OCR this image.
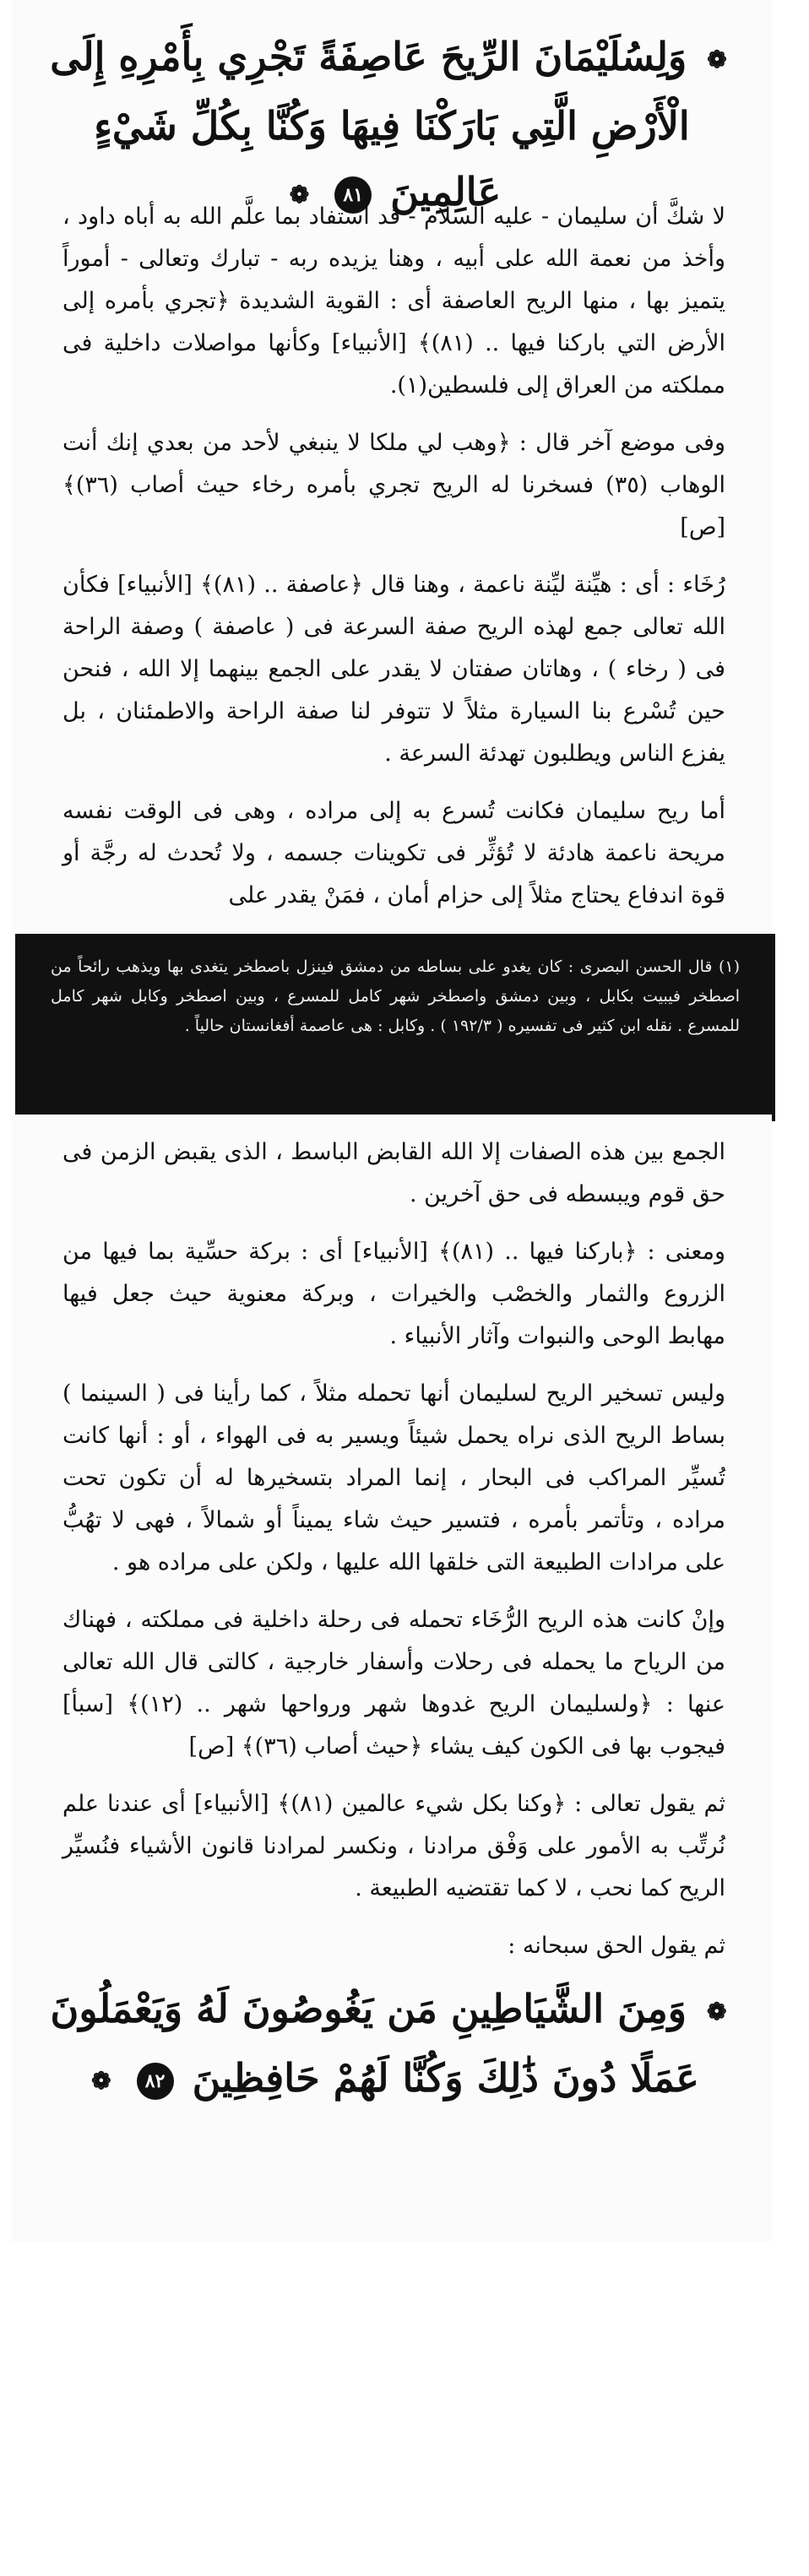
❁ وَلِسُلَيْمَانَ الرِّيحَ عَاصِفَةً تَجْرِي بِأَمْرِهِ إِلَى الْأَرْضِ الَّتِي بَارَكْنَا فِيهَا وَكُنَّا بِكُلِّ شَيْءٍ عَالِمِينَ ٨١ ❁

لا شكَّ أن سليمان - عليه السلام - قد استفاد بما علَّم الله به أباه داود ، وأخذ من نعمة الله على أبيه ، وهنا يزيده ربه - تبارك وتعالى - أموراً يتميز بها ، منها الريح العاصفة أى : القوية الشديدة ﴿تجري بأمره إلى الأرض التي باركنا فيها .. (٨١)﴾ [الأنبياء] وكأنها مواصلات داخلية فى مملكته من العراق إلى فلسطين(١).

وفى موضع آخر قال : ﴿وهب لي ملكا لا ينبغي لأحد من بعدي إنك أنت الوهاب (٣٥) فسخرنا له الريح تجري بأمره رخاء حيث أصاب (٣٦)﴾ [ص]

رُخَاء : أى : هيِّنة ليِّنة ناعمة ، وهنا قال ﴿عاصفة .. (٨١)﴾ [الأنبياء] فكأن الله تعالى جمع لهذه الريح صفة السرعة فى ( عاصفة ) وصفة الراحة فى ( رخاء ) ، وهاتان صفتان لا يقدر على الجمع بينهما إلا الله ، فنحن حين تُسْرع بنا السيارة مثلاً لا تتوفر لنا صفة الراحة والاطمئنان ، بل يفزع الناس ويطلبون تهدئة السرعة .

أما ريح سليمان فكانت تُسرع به إلى مراده ، وهى فى الوقت نفسه مريحة ناعمة هادئة لا تُؤثِّر فى تكوينات جسمه ، ولا تُحدث له رجَّة أو قوة اندفاع يحتاج مثلاً إلى حزام أمان ، فمَنْ يقدر على

(١) قال الحسن البصرى : كان يغدو على بساطه من دمشق فينزل باصطخر يتغدى بها ويذهب رائحاً من اصطخر فيبيت بكابل ، وبين دمشق واصطخر شهر كامل للمسرع ، وبين اصطخر وكابل شهر كامل للمسرع . نقله ابن كثير فى تفسيره ( ١٩٢/٣ ) . وكابل : هى عاصمة أفغانستان حالياً .

الجمع بين هذه الصفات إلا الله القابض الباسط ، الذى يقبض الزمن فى حق قوم ويبسطه فى حق آخرين .

ومعنى : ﴿باركنا فيها .. (٨١)﴾ [الأنبياء] أى : بركة حسِّية بما فيها من الزروع والثمار والخصْب والخيرات ، وبركة معنوية حيث جعل فيها مهابط الوحى والنبوات وآثار الأنبياء .

وليس تسخير الريح لسليمان أنها تحمله مثلاً ، كما رأينا فى ( السينما ) بساط الريح الذى نراه يحمل شيئاً ويسير به فى الهواء ، أو : أنها كانت تُسيِّر المراكب فى البحار ، إنما المراد بتسخيرها له أن تكون تحت مراده ، وتأتمر بأمره ، فتسير حيث شاء يميناً أو شمالاً ، فهى لا تهُبُّ على مرادات الطبيعة التى خلقها الله عليها ، ولكن على مراده هو .

وإنْ كانت هذه الريح الرُّخَاء تحمله فى رحلة داخلية فى مملكته ، فهناك من الرياح ما يحمله فى رحلات وأسفار خارجية ، كالتى قال الله تعالى عنها : ﴿ولسليمان الريح غدوها شهر ورواحها شهر .. (١٢)﴾ [سبأ] فيجوب بها فى الكون كيف يشاء ﴿حيث أصاب (٣٦)﴾ [ص]

ثم يقول تعالى : ﴿وكنا بكل شيء عالمين (٨١)﴾ [الأنبياء] أى عندنا علم نُرتِّب به الأمور على وَفْق مرادنا ، ونكسر لمرادنا قانون الأشياء فنُسيِّر الريح كما نحب ، لا كما تقتضيه الطبيعة .

ثم يقول الحق سبحانه :

❁ وَمِنَ الشَّيَاطِينِ مَن يَغُوصُونَ لَهُ وَيَعْمَلُونَ عَمَلًا دُونَ ذَٰلِكَ وَكُنَّا لَهُمْ حَافِظِينَ ٨٢ ❁
